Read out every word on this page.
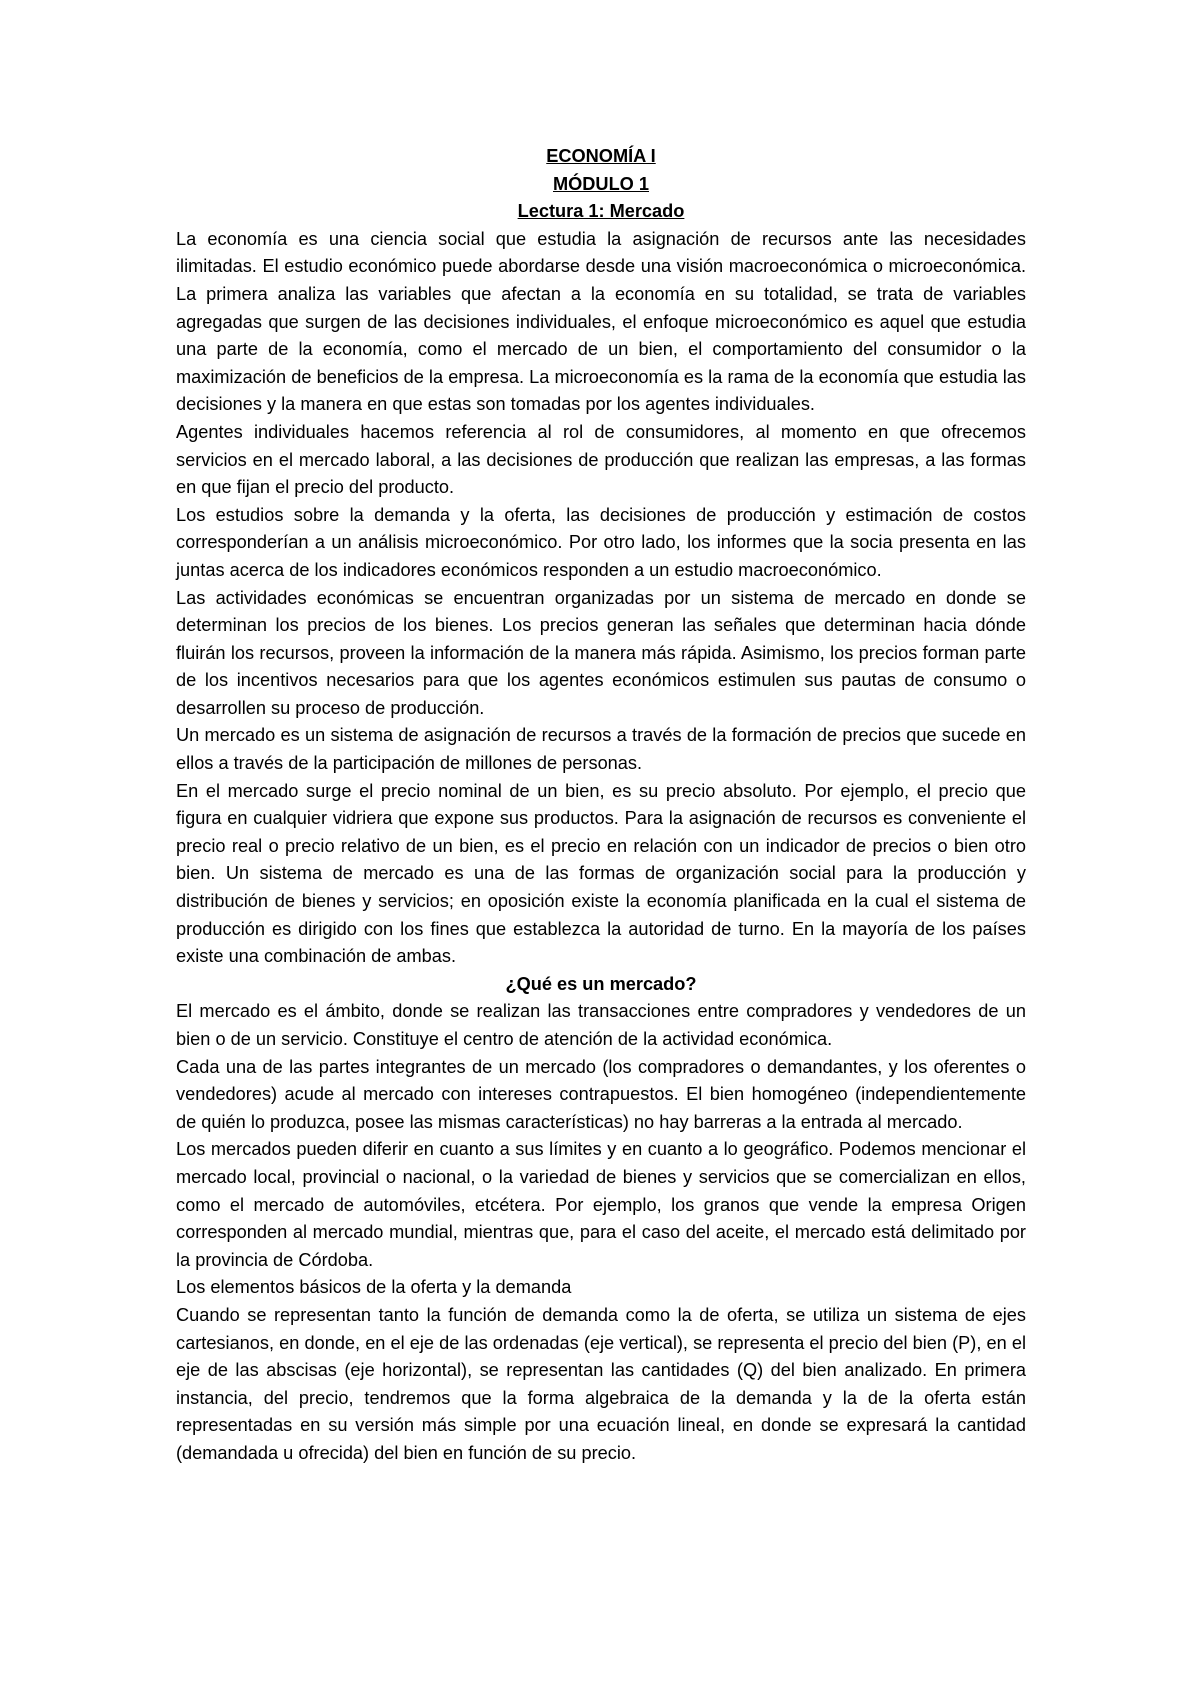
ECONOMÍA I

MÓDULO 1

Lectura 1: Mercado

La economía es una ciencia social que estudia la asignación de recursos ante las necesidades ilimitadas. El estudio económico puede abordarse desde una visión macroeconómica o microeconómica. La primera analiza las variables que afectan a la economía en su totalidad, se trata de variables agregadas que surgen de las decisiones individuales, el enfoque microeconómico es aquel que estudia una parte de la economía, como el mercado de un bien, el comportamiento del consumidor o la maximización de beneficios de la empresa. La microeconomía es la rama de la economía que estudia las decisiones y la manera en que estas son tomadas por los agentes individuales.

Agentes individuales hacemos referencia al rol de consumidores, al momento en que ofrecemos servicios en el mercado laboral, a las decisiones de producción que realizan las empresas, a las formas en que fijan el precio del producto.

Los estudios sobre la demanda y la oferta, las decisiones de producción y estimación de costos corresponderían a un análisis microeconómico. Por otro lado, los informes que la socia presenta en las juntas acerca de los indicadores económicos responden a un estudio macroeconómico.

Las actividades económicas se encuentran organizadas por un sistema de mercado en donde se determinan los precios de los bienes. Los precios generan las señales que determinan hacia dónde fluirán los recursos, proveen la información de la manera más rápida. Asimismo, los precios forman parte de los incentivos necesarios para que los agentes económicos estimulen sus pautas de consumo o desarrollen su proceso de producción.

Un mercado es un sistema de asignación de recursos a través de la formación de precios que sucede en ellos a través de la participación de millones de personas.

En el mercado surge el precio nominal de un bien, es su precio absoluto. Por ejemplo, el precio que figura en cualquier vidriera que expone sus productos. Para la asignación de recursos es conveniente el precio real o precio relativo de un bien, es el precio en relación con un indicador de precios o bien otro bien. Un sistema de mercado es una de las formas de organización social para la producción y distribución de bienes y servicios; en oposición existe la economía planificada en la cual el sistema de producción es dirigido con los fines que establezca la autoridad de turno. En la mayoría de los países existe una combinación de ambas.

¿Qué es un mercado?

El mercado es el ámbito, donde se realizan las transacciones entre compradores y vendedores de un bien o de un servicio. Constituye el centro de atención de la actividad económica.

Cada una de las partes integrantes de un mercado (los compradores o demandantes, y los oferentes o vendedores) acude al mercado con intereses contrapuestos. El bien homogéneo (independientemente de quién lo produzca, posee las mismas características) no hay barreras a la entrada al mercado.

Los mercados pueden diferir en cuanto a sus límites y en cuanto a lo geográfico. Podemos mencionar el mercado local, provincial o nacional, o la variedad de bienes y servicios que se comercializan en ellos, como el mercado de automóviles, etcétera. Por ejemplo, los granos que vende la empresa Origen corresponden al mercado mundial, mientras que, para el caso del aceite, el mercado está delimitado por la provincia de Córdoba.

Los elementos básicos de la oferta y la demanda

Cuando se representan tanto la función de demanda como la de oferta, se utiliza un sistema de ejes cartesianos, en donde, en el eje de las ordenadas (eje vertical), se representa el precio del bien (P), en el eje de las abscisas (eje horizontal), se representan las cantidades (Q) del bien analizado. En primera instancia, del precio, tendremos que la forma algebraica de la demanda y la de la oferta están representadas en su versión más simple por una ecuación lineal, en donde se expresará la cantidad (demandada u ofrecida) del bien en función de su precio.
